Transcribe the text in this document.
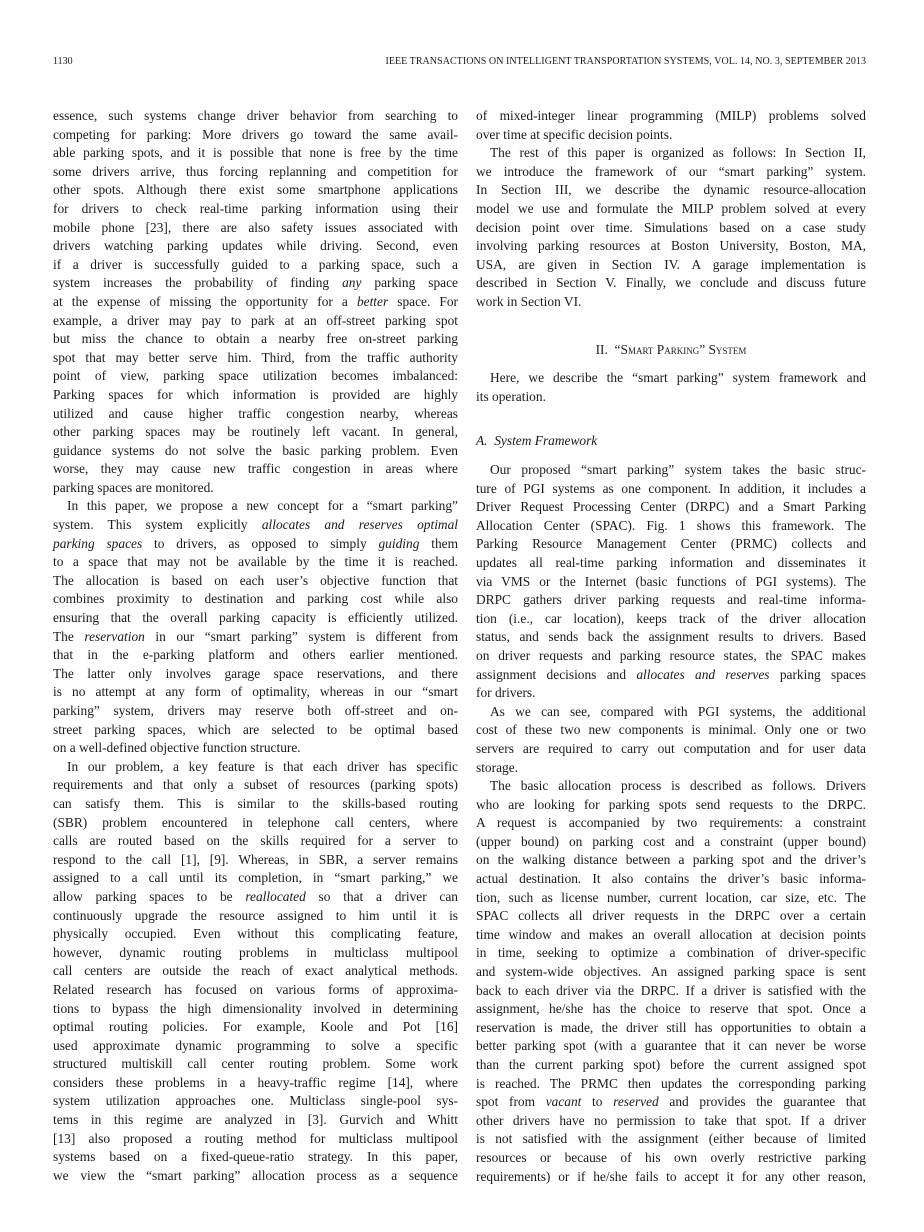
1130	IEEE TRANSACTIONS ON INTELLIGENT TRANSPORTATION SYSTEMS, VOL. 14, NO. 3, SEPTEMBER 2013
essence, such systems change driver behavior from searching to
competing for parking: More drivers go toward the same avail-
able parking spots, and it is possible that none is free by the time
some drivers arrive, thus forcing replanning and competition for
other spots. Although there exist some smartphone applications
for drivers to check real-time parking information using their
mobile phone [23], there are also safety issues associated with
drivers watching parking updates while driving. Second, even
if a driver is successfully guided to a parking space, such a
system increases the probability of finding any parking space
at the expense of missing the opportunity for a better space. For
example, a driver may pay to park at an off-street parking spot
but miss the chance to obtain a nearby free on-street parking
spot that may better serve him. Third, from the traffic authority
point of view, parking space utilization becomes imbalanced:
Parking spaces for which information is provided are highly
utilized and cause higher traffic congestion nearby, whereas
other parking spaces may be routinely left vacant. In general,
guidance systems do not solve the basic parking problem. Even
worse, they may cause new traffic congestion in areas where
parking spaces are monitored.
In this paper, we propose a new concept for a “smart parking”
system. This system explicitly allocates and reserves optimal
parking spaces to drivers, as opposed to simply guiding them
to a space that may not be available by the time it is reached.
The allocation is based on each user’s objective function that
combines proximity to destination and parking cost while also
ensuring that the overall parking capacity is efficiently utilized.
The reservation in our “smart parking” system is different from
that in the e-parking platform and others earlier mentioned.
The latter only involves garage space reservations, and there
is no attempt at any form of optimality, whereas in our “smart
parking” system, drivers may reserve both off-street and on-
street parking spaces, which are selected to be optimal based
on a well-defined objective function structure.
In our problem, a key feature is that each driver has specific
requirements and that only a subset of resources (parking spots)
can satisfy them. This is similar to the skills-based routing
(SBR) problem encountered in telephone call centers, where
calls are routed based on the skills required for a server to
respond to the call [1], [9]. Whereas, in SBR, a server remains
assigned to a call until its completion, in “smart parking,” we
allow parking spaces to be reallocated so that a driver can
continuously upgrade the resource assigned to him until it is
physically occupied. Even without this complicating feature,
however, dynamic routing problems in multiclass multipool
call centers are outside the reach of exact analytical methods.
Related research has focused on various forms of approxima-
tions to bypass the high dimensionality involved in determining
optimal routing policies. For example, Koole and Pot [16]
used approximate dynamic programming to solve a specific
structured multiskill call center routing problem. Some work
considers these problems in a heavy-traffic regime [14], where
system utilization approaches one. Multiclass single-pool sys-
tems in this regime are analyzed in [3]. Gurvich and Whitt
[13] also proposed a routing method for multiclass multipool
systems based on a fixed-queue-ratio strategy. In this paper,
we view the “smart parking” allocation process as a sequence
of mixed-integer linear programming (MILP) problems solved
over time at specific decision points.
The rest of this paper is organized as follows: In Section II,
we introduce the framework of our “smart parking” system.
In Section III, we describe the dynamic resource-allocation
model we use and formulate the MILP problem solved at every
decision point over time. Simulations based on a case study
involving parking resources at Boston University, Boston, MA,
USA, are given in Section IV. A garage implementation is
described in Section V. Finally, we conclude and discuss future
work in Section VI.
II. “Smart Parking” System
Here, we describe the “smart parking” system framework and
its operation.
A. System Framework
Our proposed “smart parking” system takes the basic struc-
ture of PGI systems as one component. In addition, it includes a
Driver Request Processing Center (DRPC) and a Smart Parking
Allocation Center (SPAC). Fig. 1 shows this framework. The
Parking Resource Management Center (PRMC) collects and
updates all real-time parking information and disseminates it
via VMS or the Internet (basic functions of PGI systems). The
DRPC gathers driver parking requests and real-time informa-
tion (i.e., car location), keeps track of the driver allocation
status, and sends back the assignment results to drivers. Based
on driver requests and parking resource states, the SPAC makes
assignment decisions and allocates and reserves parking spaces
for drivers.
As we can see, compared with PGI systems, the additional
cost of these two new components is minimal. Only one or two
servers are required to carry out computation and for user data
storage.
The basic allocation process is described as follows. Drivers
who are looking for parking spots send requests to the DRPC.
A request is accompanied by two requirements: a constraint
(upper bound) on parking cost and a constraint (upper bound)
on the walking distance between a parking spot and the driver’s
actual destination. It also contains the driver’s basic informa-
tion, such as license number, current location, car size, etc. The
SPAC collects all driver requests in the DRPC over a certain
time window and makes an overall allocation at decision points
in time, seeking to optimize a combination of driver-specific
and system-wide objectives. An assigned parking space is sent
back to each driver via the DRPC. If a driver is satisfied with the
assignment, he/she has the choice to reserve that spot. Once a
reservation is made, the driver still has opportunities to obtain a
better parking spot (with a guarantee that it can never be worse
than the current parking spot) before the current assigned spot
is reached. The PRMC then updates the corresponding parking
spot from vacant to reserved and provides the guarantee that
other drivers have no permission to take that spot. If a driver
is not satisfied with the assignment (either because of limited
resources or because of his own overly restrictive parking
requirements) or if he/she fails to accept it for any other reason,
